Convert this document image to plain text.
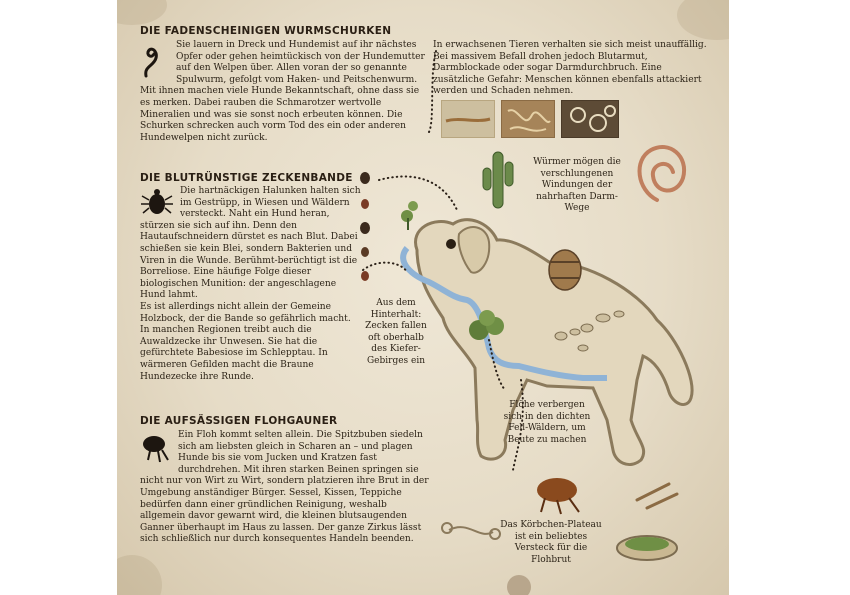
DIE FADENSCHEINIGEN WURMSCHURKEN
Sie lauern in Dreck und Hundemist auf ihr nächstes Opfer oder gehen heimtückisch von der Hundemutter auf den Welpen über. Allen voran der so genannte Spulwurm, gefolgt vom Haken- und Peitschenwurm. Mit ihnen machen viele Hunde Bekanntschaft, ohne dass sie es merken. Dabei rauben die Schmarotzer wertvolle Mineralien und was sie sonst noch erbeuten können. Die Schurken schrecken auch vorm Tod des ein oder anderen Hundewelpen nicht zurück.
In erwachsenen Tieren verhalten sie sich meist unauffällig. Bei massivem Befall drohen jedoch Blutarmut, Darmblockade oder sogar Darmdurchbruch. Eine zusätzliche Gefahr: Menschen können ebenfalls attackiert werden und Schaden nehmen.
DIE BLUTRÜNSTIGE ZECKENBANDE
Die hartnäckigen Halunken halten sich im Gestrüpp, in Wiesen und Wäldern versteckt. Naht ein Hund heran, stürzen sie sich auf ihn. Denn den Hautaufschneidern dürstet es nach Blut. Dabei schießen sie kein Blei, sondern Bakterien und Viren in die Wunde. Berühmt-berüchtigt ist die Borreliose. Eine häufige Folge dieser biologischen Munition: der angeschlagene Hund lahmt.
Es ist allerdings nicht allein der Gemeine Holzbock, der die Bande so gefährlich macht. In manchen Regionen treibt auch die Auwaldzecke ihr Unwesen. Sie hat die gefürchtete Babesiose im Schlepptau. In wärmeren Gefilden macht die Braune Hundezecke ihre Runde.
DIE AUFSÄSSIGEN FLOHGAUNER
Ein Floh kommt selten allein. Die Spitzbuben siedeln sich am liebsten gleich in Scharen an – und plagen Hunde bis sie vom Jucken und Kratzen fast durchdrehen. Mit ihren starken Beinen springen sie nicht nur von Wirt zu Wirt, sondern platzieren ihre Brut in der Umgebung anständiger Bürger. Sessel, Kissen, Teppiche bedürfen dann einer gründlichen Reinigung, weshalb allgemein davor gewarnt wird, die kleinen blutsaugenden Ganner überhaupt im Haus zu lassen. Der ganze Zirkus lässt sich schließlich nur durch konsequentes Handeln beenden.
Würmer mögen die verschlungenen Windungen der nahrhaften Darm-Wege
Aus dem Hinterhalt: Zecken fallen oft oberhalb des Kiefer-Gebirges ein
Flöhe verbergen sich in den dichten Fell-Wäldern, um Beute zu machen
Das Körbchen-Plateau ist ein beliebtes Versteck für die Flohbrut
